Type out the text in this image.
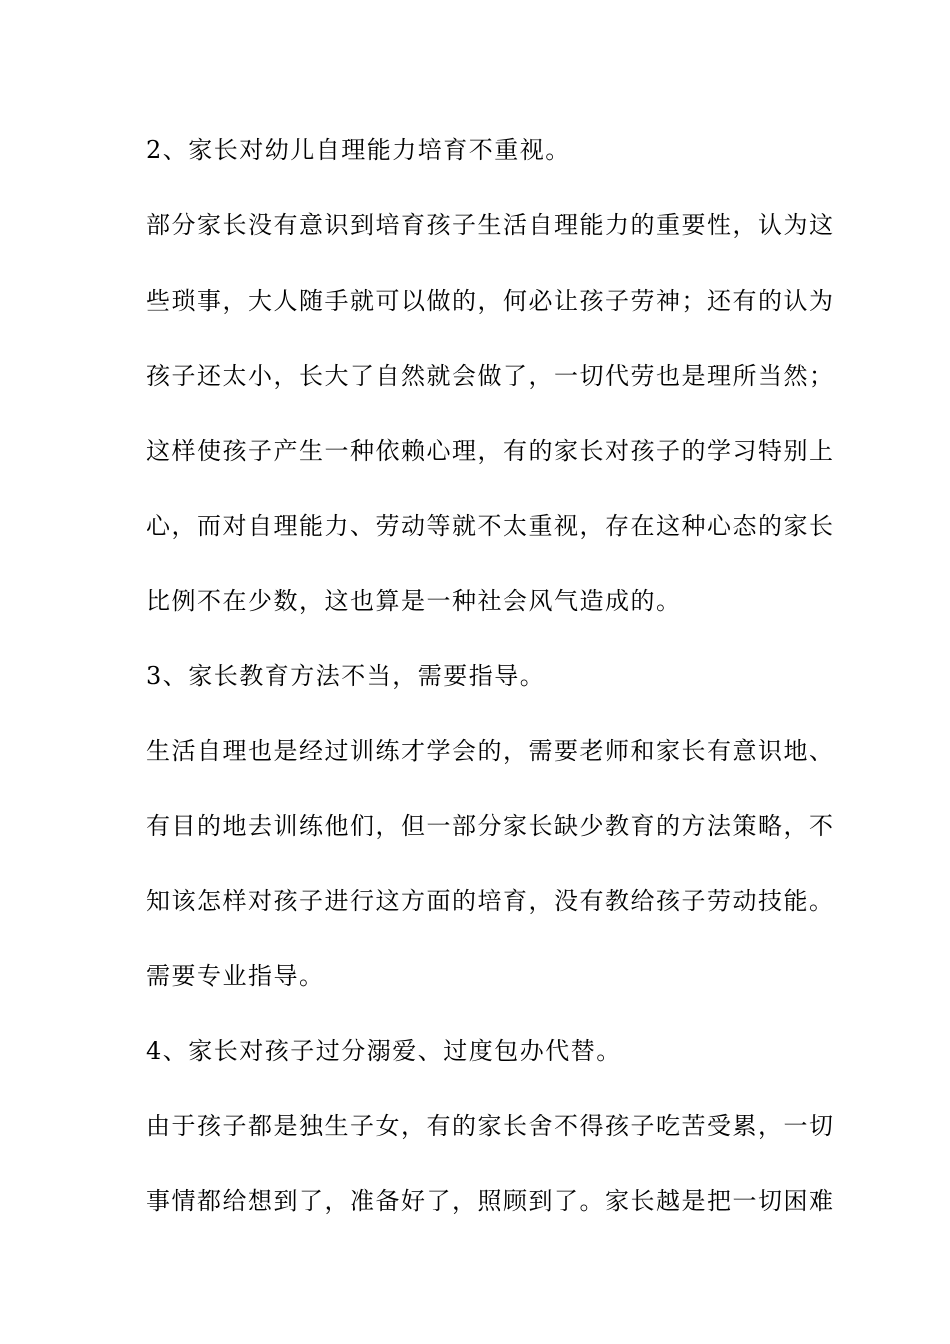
2、家长对幼儿自理能力培育不重视。
部分家长没有意识到培育孩子生活自理能力的重要性，认为这
些琐事，大人随手就可以做的，何必让孩子劳神；还有的认为
孩子还太小，长大了自然就会做了，一切代劳也是理所当然；
这样使孩子产生一种依赖心理，有的家长对孩子的学习特别上
心，而对自理能力、劳动等就不太重视，存在这种心态的家长
比例不在少数，这也算是一种社会风气造成的。
3、家长教育方法不当，需要指导。
生活自理也是经过训练才学会的，需要老师和家长有意识地、
有目的地去训练他们，但一部分家长缺少教育的方法策略，不
知该怎样对孩子进行这方面的培育，没有教给孩子劳动技能。
需要专业指导。
4、家长对孩子过分溺爱、过度包办代替。
由于孩子都是独生子女，有的家长舍不得孩子吃苦受累，一切
事情都给想到了，准备好了，照顾到了。家长越是把一切困难
